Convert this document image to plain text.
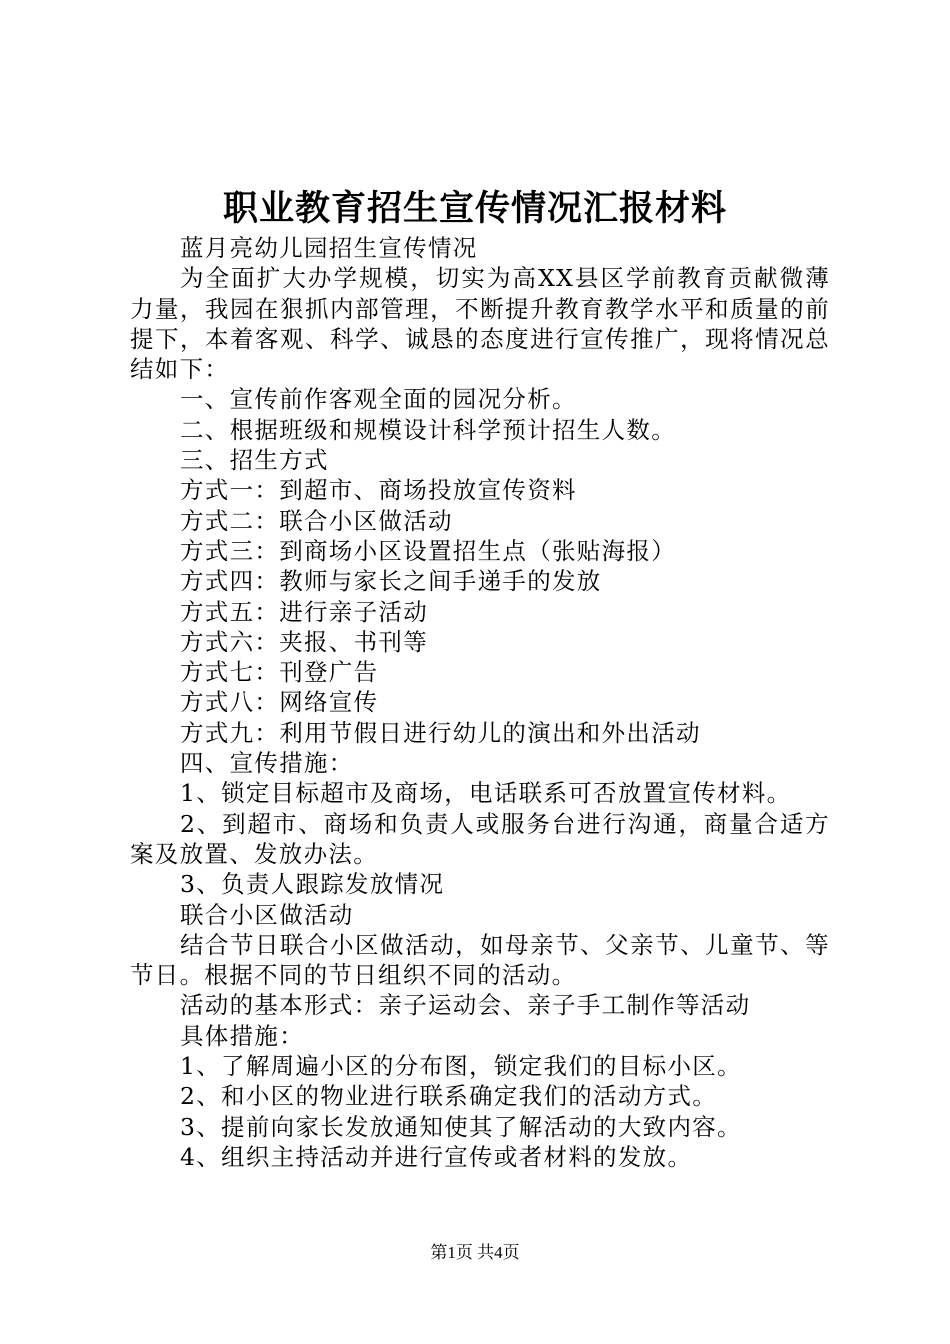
职业教育招生宣传情况汇报材料

蓝月亮幼儿园招生宣传情况

为全面扩大办学规模，切实为高XX县区学前教育贡献微薄力量，我园在狠抓内部管理，不断提升教育教学水平和质量的前提下，本着客观、科学、诚恳的态度进行宣传推广，现将情况总结如下：

一、宣传前作客观全面的园况分析。

二、根据班级和规模设计科学预计招生人数。

三、招生方式

方式一：到超市、商场投放宣传资料

方式二：联合小区做活动

方式三：到商场小区设置招生点（张贴海报）

方式四：教师与家长之间手递手的发放

方式五：进行亲子活动

方式六：夹报、书刊等

方式七：刊登广告

方式八：网络宣传

方式九：利用节假日进行幼儿的演出和外出活动

四、宣传措施：

1、锁定目标超市及商场，电话联系可否放置宣传材料。

2、到超市、商场和负责人或服务台进行沟通，商量合适方案及放置、发放办法。

3、负责人跟踪发放情况

联合小区做活动

结合节日联合小区做活动，如母亲节、父亲节、儿童节、等节日。根据不同的节日组织不同的活动。

活动的基本形式：亲子运动会、亲子手工制作等活动

具体措施：

1、了解周遍小区的分布图，锁定我们的目标小区。

2、和小区的物业进行联系确定我们的活动方式。

3、提前向家长发放通知使其了解活动的大致内容。

4、组织主持活动并进行宣传或者材料的发放。

第1页 共4页
